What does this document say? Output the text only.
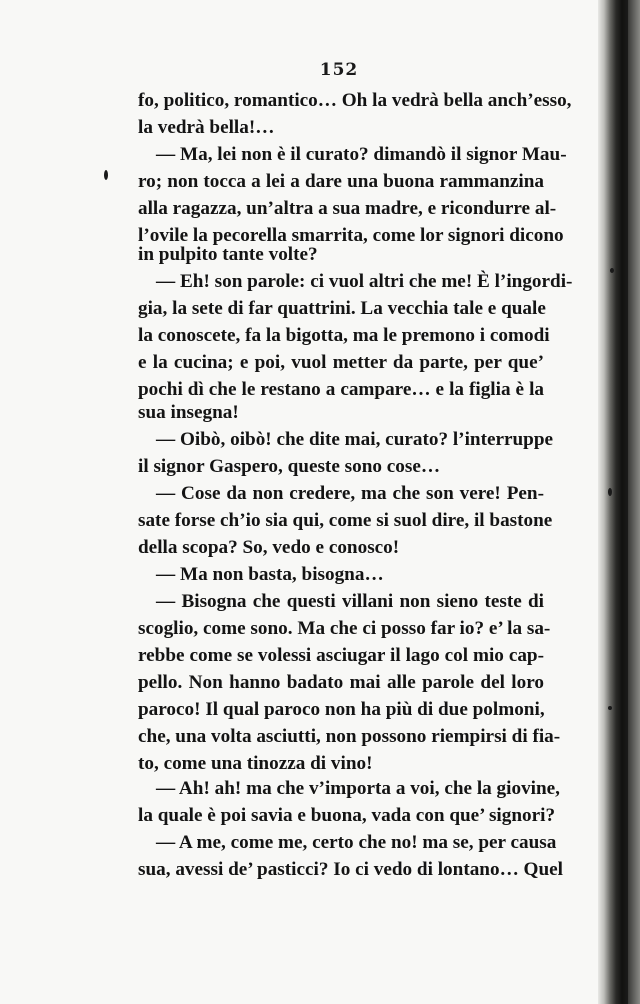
152
fo, politico, romantico… Oh la vedrà bella anch’esso,
la vedrà bella!…
— Ma, lei non è il curato? dimandò il signor Mau-
ro; non tocca a lei a dare una buona rammanzina
alla ragazza, un’altra a sua madre, e ricondurre al-
l’ovile la pecorella smarrita, come lor signori dicono
in pulpito tante volte?
— Eh! son parole: ci vuol altri che me! È l’ingordi-
gia, la sete di far quattrini. La vecchia tale e quale
la conoscete, fa la bigotta, ma le premono i comodi
e la cucina; e poi, vuol metter da parte, per que’
pochi dì che le restano a campare… e la figlia è la
sua insegna!
— Oibò, oibò! che dite mai, curato? l’interruppe
il signor Gaspero, queste sono cose…
— Cose da non credere, ma che son vere! Pen-
sate forse ch’io sia qui, come si suol dire, il bastone
della scopa? So, vedo e conosco!
— Ma non basta, bisogna…
— Bisogna che questi villani non sieno teste di
scoglio, come sono. Ma che ci posso far io? e’ la sa-
rebbe come se volessi asciugar il lago col mio cap-
pello. Non hanno badato mai alle parole del loro
paroco! Il qual paroco non ha più di due polmoni,
che, una volta asciutti, non possono riempirsi di fia-
to, come una tinozza di vino!
— Ah! ah! ma che v’importa a voi, che la giovine,
la quale è poi savia e buona, vada con que’ signori?
— A me, come me, certo che no! ma se, per causa
sua, avessi de’ pasticci? Io ci vedo di lontano… Quel
